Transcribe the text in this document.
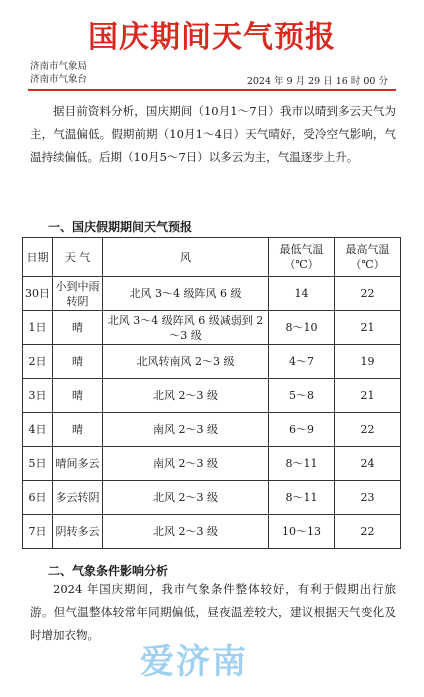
国庆期间天气预报
济南市气象局
济南市气象台	2024 年 9 月 29 日 16 时 00 分
据目前资料分析，国庆期间（10月1～7日）我市以晴到多云天气为主，气温偏低。假期前期（10月1～4日）天气晴好，受冷空气影响，气温持续偏低。后期（10月5～7日）以多云为主，气温逐步上升。
一、国庆假期期间天气预报
日期	天 气	风	最低气温（℃）	最高气温（℃）
30日	小到中雨转阴	北风 3～4 级阵风 6 级	14	22
1日	晴	北风 3～4 级阵风 6 级减弱到 2～3 级	8～10	21
2日	晴	北风转南风 2～3 级	4～7	19
3日	晴	北风 2～3 级	5～8	21
4日	晴	南风 2～3 级	6～9	22
5日	晴间多云	南风 2～3 级	8～11	24
6日	多云转阴	北风 2～3 级	8～11	23
7日	阴转多云	北风 2～3 级	10～13	22
二、气象条件影响分析
2024 年国庆期间，我市气象条件整体较好，有利于假期出行旅游。但气温整体较常年同期偏低，昼夜温差较大，建议根据天气变化及时增加衣物。
爱济南
